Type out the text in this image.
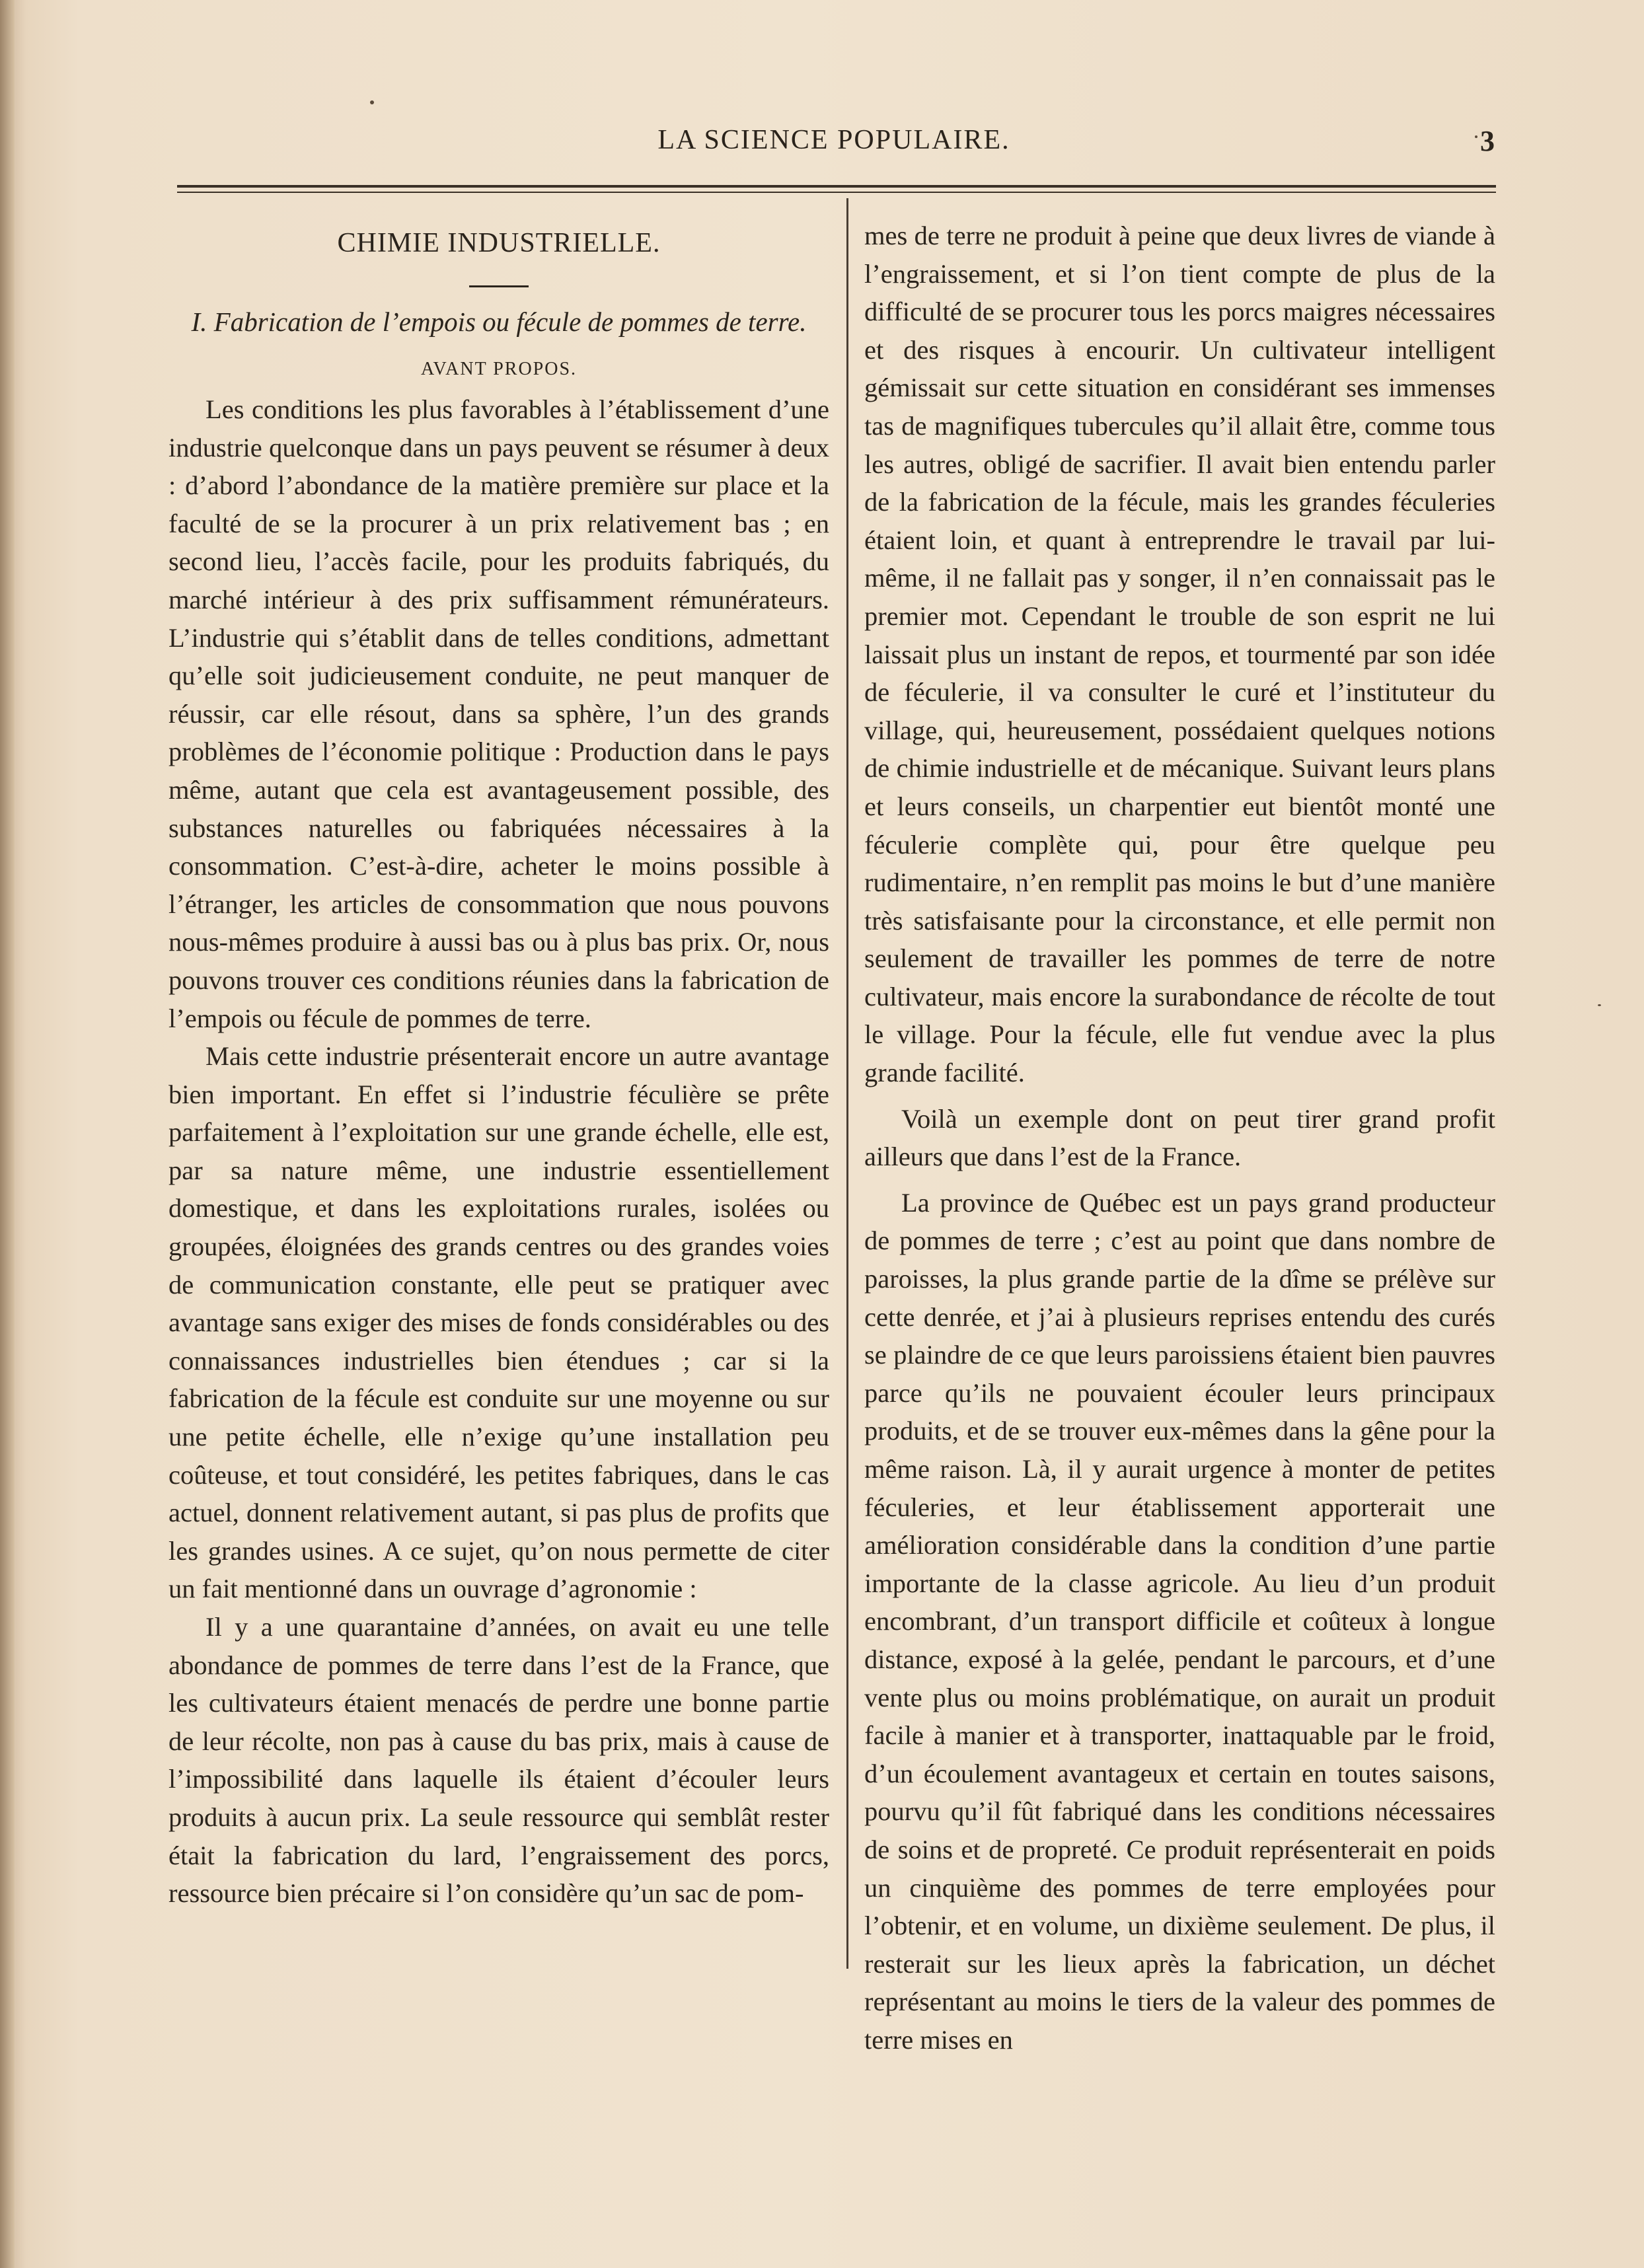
LA SCIENCE POPULAIRE.	3
CHIMIE INDUSTRIELLE.
I. Fabrication de l’empois ou fécule de pommes de terre.
AVANT PROPOS.

Les conditions les plus favorables à l’établissement d’une industrie quelconque dans un pays peuvent se résumer à deux : d’abord l’abondance de la matière première sur place et la faculté de se la procurer à un prix relativement bas ; en second lieu, l’accès facile, pour les produits fabriqués, du marché intérieur à des prix suffisamment rémunérateurs. L’industrie qui s’établit dans de telles conditions, admettant qu’elle soit judicieusement conduite, ne peut manquer de réussir, car elle résout, dans sa sphère, l’un des grands problèmes de l’économie politique : Production dans le pays même, autant que cela est avantageusement possible, des substances naturelles ou fabriquées nécessaires à la consommation. C’est-à-dire, acheter le moins possible à l’étranger, les articles de consommation que nous pouvons nous-mêmes produire à aussi bas ou à plus bas prix. Or, nous pouvons trouver ces conditions réunies dans la fabrication de l’empois ou fécule de pommes de terre.

Mais cette industrie présenterait encore un autre avantage bien important. En effet si l’industrie féculière se prête parfaitement à l’exploitation sur une grande échelle, elle est, par sa nature même, une industrie essentiellement domestique, et dans les exploitations rurales, isolées ou groupées, éloignées des grands centres ou des grandes voies de communication constante, elle peut se pratiquer avec avantage sans exiger des mises de fonds considérables ou des connaissances industrielles bien étendues ; car si la fabrication de la fécule est conduite sur une moyenne ou sur une petite échelle, elle n’exige qu’une installation peu coûteuse, et tout considéré, les petites fabriques, dans le cas actuel, donnent relativement autant, si pas plus de profits que les grandes usines. A ce sujet, qu’on nous permette de citer un fait mentionné dans un ouvrage d’agronomie :

Il y a une quarantaine d’années, on avait eu une telle abondance de pommes de terre dans l’est de la France, que les cultivateurs étaient menacés de perdre une bonne partie de leur récolte, non pas à cause du bas prix, mais à cause de l’impossibilité dans laquelle ils étaient d’écouler leurs produits à aucun prix. La seule ressource qui semblât rester était la fabrication du lard, l’engraissement des porcs, ressource bien précaire si l’on considère qu’un sac de pom-

mes de terre ne produit à peine que deux livres de viande à l’engraissement, et si l’on tient compte de plus de la difficulté de se procurer tous les porcs maigres nécessaires et des risques à encourir. Un cultivateur intelligent gémissait sur cette situation en considérant ses immenses tas de magnifiques tubercules qu’il allait être, comme tous les autres, obligé de sacrifier. Il avait bien entendu parler de la fabrication de la fécule, mais les grandes féculeries étaient loin, et quant à entreprendre le travail par lui-même, il ne fallait pas y songer, il n’en connaissait pas le premier mot. Cependant le trouble de son esprit ne lui laissait plus un instant de repos, et tourmenté par son idée de féculerie, il va consulter le curé et l’instituteur du village, qui, heureusement, possédaient quelques notions de chimie industrielle et de mécanique. Suivant leurs plans et leurs conseils, un charpentier eut bientôt monté une féculerie complète qui, pour être quelque peu rudimentaire, n’en remplit pas moins le but d’une manière très satisfaisante pour la circonstance, et elle permit non seulement de travailler les pommes de terre de notre cultivateur, mais encore la surabondance de récolte de tout le village. Pour la fécule, elle fut vendue avec la plus grande facilité.

Voilà un exemple dont on peut tirer grand profit ailleurs que dans l’est de la France.

La province de Québec est un pays grand producteur de pommes de terre ; c’est au point que dans nombre de paroisses, la plus grande partie de la dîme se prélève sur cette denrée, et j’ai à plusieurs reprises entendu des curés se plaindre de ce que leurs paroissiens étaient bien pauvres parce qu’ils ne pouvaient écouler leurs principaux produits, et de se trouver eux-mêmes dans la gêne pour la même raison. Là, il y aurait urgence à monter de petites féculeries, et leur établissement apporterait une amélioration considérable dans la condition d’une partie importante de la classe agricole. Au lieu d’un produit encombrant, d’un transport difficile et coûteux à longue distance, exposé à la gelée, pendant le parcours, et d’une vente plus ou moins problématique, on aurait un produit facile à manier et à transporter, inattaquable par le froid, d’un écoulement avantageux et certain en toutes saisons, pourvu qu’il fût fabriqué dans les conditions nécessaires de soins et de propreté. Ce produit représenterait en poids un cinquième des pommes de terre employées pour l’obtenir, et en volume, un dixième seulement. De plus, il resterait sur les lieux après la fabrication, un déchet représentant au moins le tiers de la valeur des pommes de terre mises en
